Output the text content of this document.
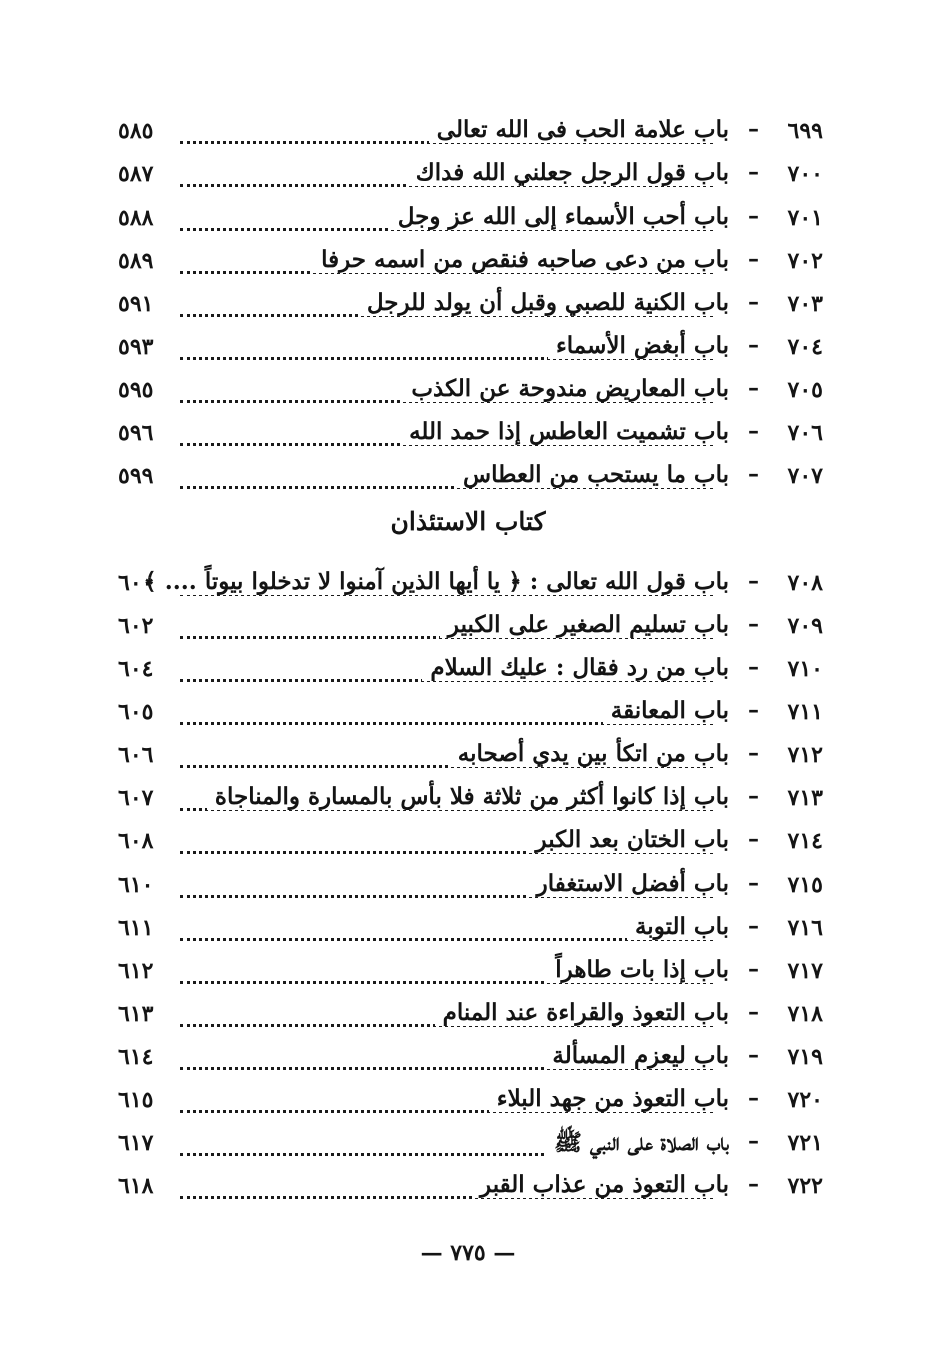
٦٩٩
–
باب علامة الحب فى الله تعالى
٥٨٥
٧٠٠
–
باب قول الرجل جعلني الله فداك
٥٨٧
٧٠١
–
باب أحب الأسماء إلى الله عز وجل
٥٨٨
٧٠٢
–
باب من دعى صاحبه فنقص من اسمه حرفا
٥٨٩
٧٠٣
–
باب الكنية للصبي وقبل أن يولد للرجل
٥٩١
٧٠٤
–
باب أبغض الأسماء
٥٩٣
٧٠٥
–
باب المعاريض مندوحة عن الكذب
٥٩٥
٧٠٦
–
باب تشميت العاطس إذا حمد الله
٥٩٦
٧٠٧
–
باب ما يستحب من العطاس
٥٩٩
كتاب الاستئذان
٧٠٨
–
باب قول الله تعالى : ﴿ يا أيها الذين آمنوا لا تدخلوا بيوتاً .... ﴾
٦٠٠
٧٠٩
–
باب تسليم الصغير على الكبير
٦٠٢
٧١٠
–
باب من رد فقال : عليك السلام
٦٠٤
٧١١
–
باب المعانقة
٦٠٥
٧١٢
–
باب من اتكأ بين يدي أصحابه
٦٠٦
٧١٣
–
باب إذا كانوا أكثر من ثلاثة فلا بأس بالمسارة والمناجاة
٦٠٧
٧١٤
–
باب الختان بعد الكبر
٦٠٨
٧١٥
–
باب أفضل الاستغفار
٦١٠
٧١٦
–
باب التوبة
٦١١
٧١٧
–
باب إذا بات طاهراً
٦١٢
٧١٨
–
باب التعوذ والقراءة عند المنام
٦١٣
٧١٩
–
باب ليعزم المسألة
٦١٤
٧٢٠
–
باب التعوذ من جهد البلاء
٦١٥
٧٢١
–
باب الصلاة على النبي ﷺ
٦١٧
٧٢٢
–
باب التعوذ من عذاب القبر
٦١٨
— ٧٧٥ —
